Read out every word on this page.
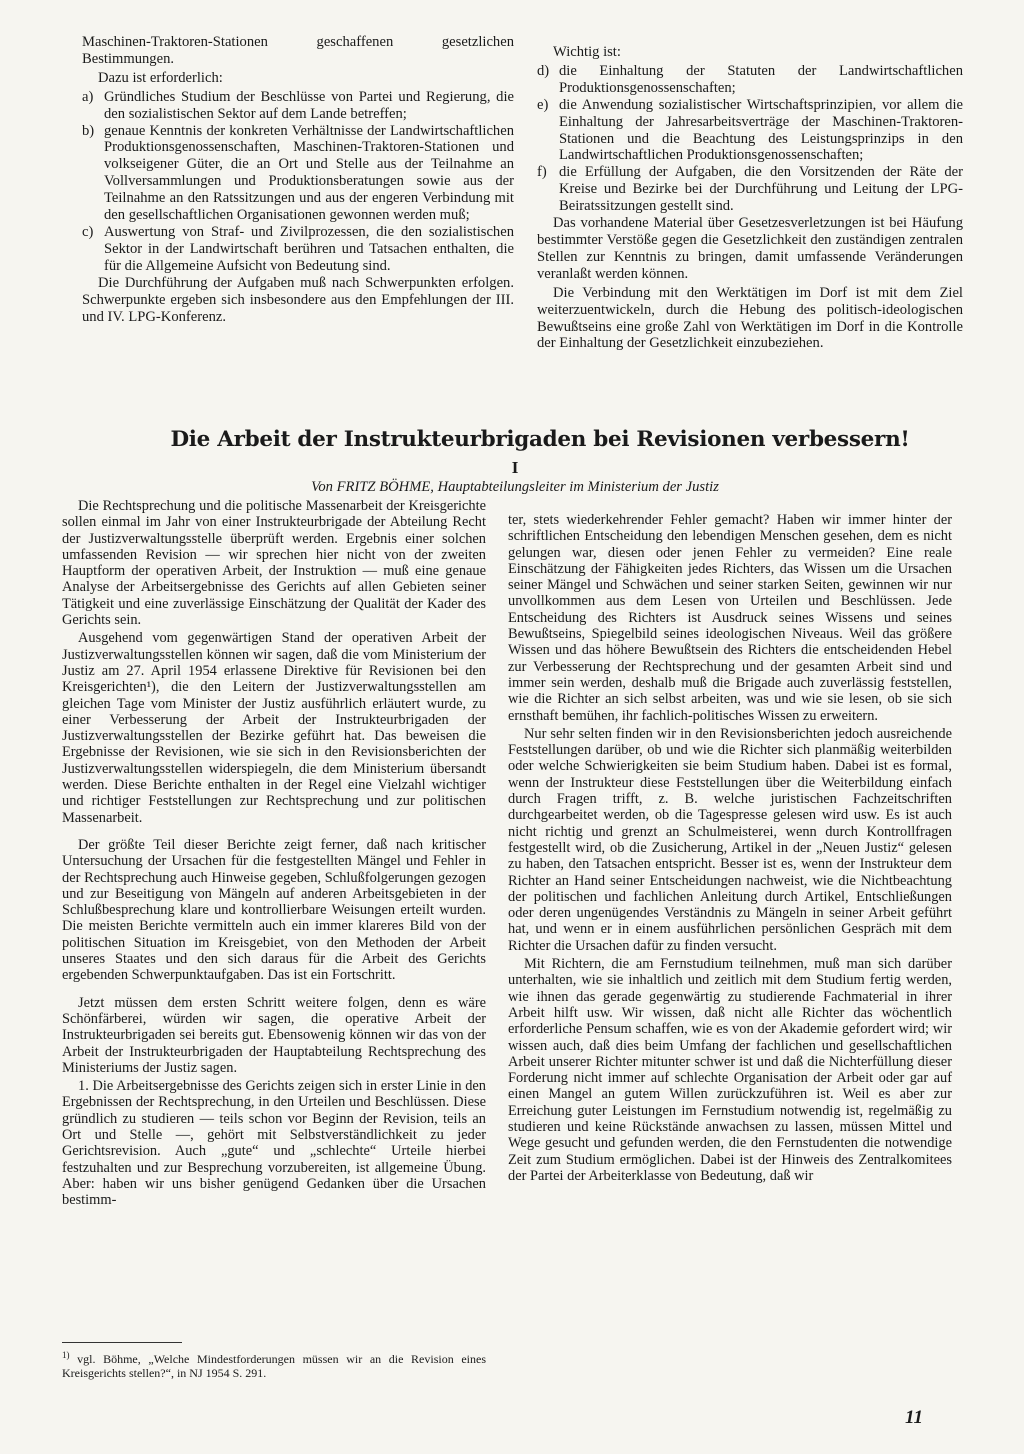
Maschinen-Traktoren-Stationen geschaffenen gesetzlichen Bestimmungen.

Dazu ist erforderlich:

a) Gründliches Studium der Beschlüsse von Partei und Regierung, die den sozialistischen Sektor auf dem Lande betreffen;
b) genaue Kenntnis der konkreten Verhältnisse der Landwirtschaftlichen Produktionsgenossenschaften, Maschinen-Traktoren-Stationen und volkseigener Güter, die an Ort und Stelle aus der Teilnahme an Vollversammlungen und Produktionsberatungen sowie aus der Teilnahme an den Ratssitzungen und aus der engeren Verbindung mit den gesellschaftlichen Organisationen gewonnen werden muß;
c) Auswertung von Straf- und Zivilprozessen, die den sozialistischen Sektor in der Landwirtschaft berühren und Tatsachen enthalten, die für die Allgemeine Aufsicht von Bedeutung sind.

Die Durchführung der Aufgaben muß nach Schwerpunkten erfolgen. Schwerpunkte ergeben sich insbesondere aus den Empfehlungen der III. und IV. LPG-Konferenz.

Wichtig ist:

d) die Einhaltung der Statuten der Landwirtschaftlichen Produktionsgenossenschaften;
e) die Anwendung sozialistischer Wirtschaftsprinzipien, vor allem die Einhaltung der Jahresarbeitsverträge der Maschinen-Traktoren-Stationen und die Beachtung des Leistungsprinzips in den Landwirtschaftlichen Produktionsgenossenschaften;
f) die Erfüllung der Aufgaben, die den Vorsitzenden der Räte der Kreise und Bezirke bei der Durchführung und Leitung der LPG-Beiratssitzungen gestellt sind.

Das vorhandene Material über Gesetzesverletzungen ist bei Häufung bestimmter Verstöße gegen die Gesetzlichkeit den zuständigen zentralen Stellen zur Kenntnis zu bringen, damit umfassende Veränderungen veranlaßt werden können.

Die Verbindung mit den Werktätigen im Dorf ist mit dem Ziel weiterzuentwickeln, durch die Hebung des politisch-ideologischen Bewußtseins eine große Zahl von Werktätigen im Dorf in die Kontrolle der Einhaltung der Gesetzlichkeit einzubeziehen.

Die Arbeit der Instrukteurbrigaden bei Revisionen verbessern!
I
Von FRITZ BÖHME, Hauptabteilungsleiter im Ministerium der Justiz

Die Rechtsprechung und die politische Massenarbeit der Kreisgerichte sollen einmal im Jahr von einer Instrukteurbrigade der Abteilung Recht der Justizverwaltungsstelle überprüft werden. Ergebnis einer solchen umfassenden Revision — wir sprechen hier nicht von der zweiten Hauptform der operativen Arbeit, der Instruktion — muß eine genaue Analyse der Arbeitsergebnisse des Gerichts auf allen Gebieten seiner Tätigkeit und eine zuverlässige Einschätzung der Qualität der Kader des Gerichts sein.

Ausgehend vom gegenwärtigen Stand der operativen Arbeit der Justizverwaltungsstellen können wir sagen, daß die vom Ministerium der Justiz am 27. April 1954 erlassene Direktive für Revisionen bei den Kreisgerichten¹), die den Leitern der Justizverwaltungsstellen am gleichen Tage vom Minister der Justiz ausführlich erläutert wurde, zu einer Verbesserung der Arbeit der Instrukteurbrigaden der Justizverwaltungsstellen der Bezirke geführt hat. Das beweisen die Ergebnisse der Revisionen, wie sie sich in den Revisionsberichten der Justizverwaltungsstellen widerspiegeln, die dem Ministerium übersandt werden. Diese Berichte enthalten in der Regel eine Vielzahl wichtiger und richtiger Feststellungen zur Rechtsprechung und zur politischen Massenarbeit.

Der größte Teil dieser Berichte zeigt ferner, daß nach kritischer Untersuchung der Ursachen für die festgestellten Mängel und Fehler in der Rechtsprechung auch Hinweise gegeben, Schlußfolgerungen gezogen und zur Beseitigung von Mängeln auf anderen Arbeitsgebieten in der Schlußbesprechung klare und kontrollierbare Weisungen erteilt wurden. Die meisten Berichte vermitteln auch ein immer klareres Bild von der politischen Situation im Kreisgebiet, von den Methoden der Arbeit unseres Staates und den sich daraus für die Arbeit des Gerichts ergebenden Schwerpunktaufgaben. Das ist ein Fortschritt.

Jetzt müssen dem ersten Schritt weitere folgen, denn es wäre Schönfärberei, würden wir sagen, die operative Arbeit der Instrukteurbrigaden sei bereits gut. Ebensowenig können wir das von der Arbeit der Instrukteurbrigaden der Hauptabteilung Rechtsprechung des Ministeriums der Justiz sagen.

1. Die Arbeitsergebnisse des Gerichts zeigen sich in erster Linie in den Ergebnissen der Rechtsprechung, in den Urteilen und Beschlüssen. Diese gründlich zu studieren — teils schon vor Beginn der Revision, teils an Ort und Stelle —, gehört mit Selbstverständlichkeit zu jeder Gerichtsrevision. Auch „gute“ und „schlechte“ Urteile hierbei festzuhalten und zur Besprechung vorzubereiten, ist allgemeine Übung. Aber: haben wir uns bisher genügend Gedanken über die Ursachen bestimm-

ter, stets wiederkehrender Fehler gemacht? Haben wir immer hinter der schriftlichen Entscheidung den lebendigen Menschen gesehen, dem es nicht gelungen war, diesen oder jenen Fehler zu vermeiden? Eine reale Einschätzung der Fähigkeiten jedes Richters, das Wissen um die Ursachen seiner Mängel und Schwächen und seiner starken Seiten, gewinnen wir nur unvollkommen aus dem Lesen von Urteilen und Beschlüssen. Jede Entscheidung des Richters ist Ausdruck seines Wissens und seines Bewußtseins, Spiegelbild seines ideologischen Niveaus. Weil das größere Wissen und das höhere Bewußtsein des Richters die entscheidenden Hebel zur Verbesserung der Rechtsprechung und der gesamten Arbeit sind und immer sein werden, deshalb muß die Brigade auch zuverlässig feststellen, wie die Richter an sich selbst arbeiten, was und wie sie lesen, ob sie sich ernsthaft bemühen, ihr fachlich-politisches Wissen zu erweitern.

Nur sehr selten finden wir in den Revisionsberichten jedoch ausreichende Feststellungen darüber, ob und wie die Richter sich planmäßig weiterbilden oder welche Schwierigkeiten sie beim Studium haben. Dabei ist es formal, wenn der Instrukteur diese Feststellungen über die Weiterbildung einfach durch Fragen trifft, z. B. welche juristischen Fachzeitschriften durchgearbeitet werden, ob die Tagespresse gelesen wird usw. Es ist auch nicht richtig und grenzt an Schulmeisterei, wenn durch Kontrollfragen festgestellt wird, ob die Zusicherung, Artikel in der „Neuen Justiz“ gelesen zu haben, den Tatsachen entspricht. Besser ist es, wenn der Instrukteur dem Richter an Hand seiner Entscheidungen nachweist, wie die Nichtbeachtung der politischen und fachlichen Anleitung durch Artikel, Entschließungen oder deren ungenügendes Verständnis zu Mängeln in seiner Arbeit geführt hat, und wenn er in einem ausführlichen persönlichen Gespräch mit dem Richter die Ursachen dafür zu finden versucht.

Mit Richtern, die am Fernstudium teilnehmen, muß man sich darüber unterhalten, wie sie inhaltlich und zeitlich mit dem Studium fertig werden, wie ihnen das gerade gegenwärtig zu studierende Fachmaterial in ihrer Arbeit hilft usw. Wir wissen, daß nicht alle Richter das wöchentlich erforderliche Pensum schaffen, wie es von der Akademie gefordert wird; wir wissen auch, daß dies beim Umfang der fachlichen und gesellschaftlichen Arbeit unserer Richter mitunter schwer ist und daß die Nichterfüllung dieser Forderung nicht immer auf schlechte Organisation der Arbeit oder gar auf einen Mangel an gutem Willen zurückzuführen ist. Weil es aber zur Erreichung guter Leistungen im Fernstudium notwendig ist, regelmäßig zu studieren und keine Rückstände anwachsen zu lassen, müssen Mittel und Wege gesucht und gefunden werden, die den Fernstudenten die notwendige Zeit zum Studium ermöglichen. Dabei ist der Hinweis des Zentralkomitees der Partei der Arbeiterklasse von Bedeutung, daß wir

$^{1)}$ vgl. Böhme, „Welche Mindestforderungen müssen wir an die Revision eines Kreisgerichts stellen?“, in NJ 1954 S. 291.

11
